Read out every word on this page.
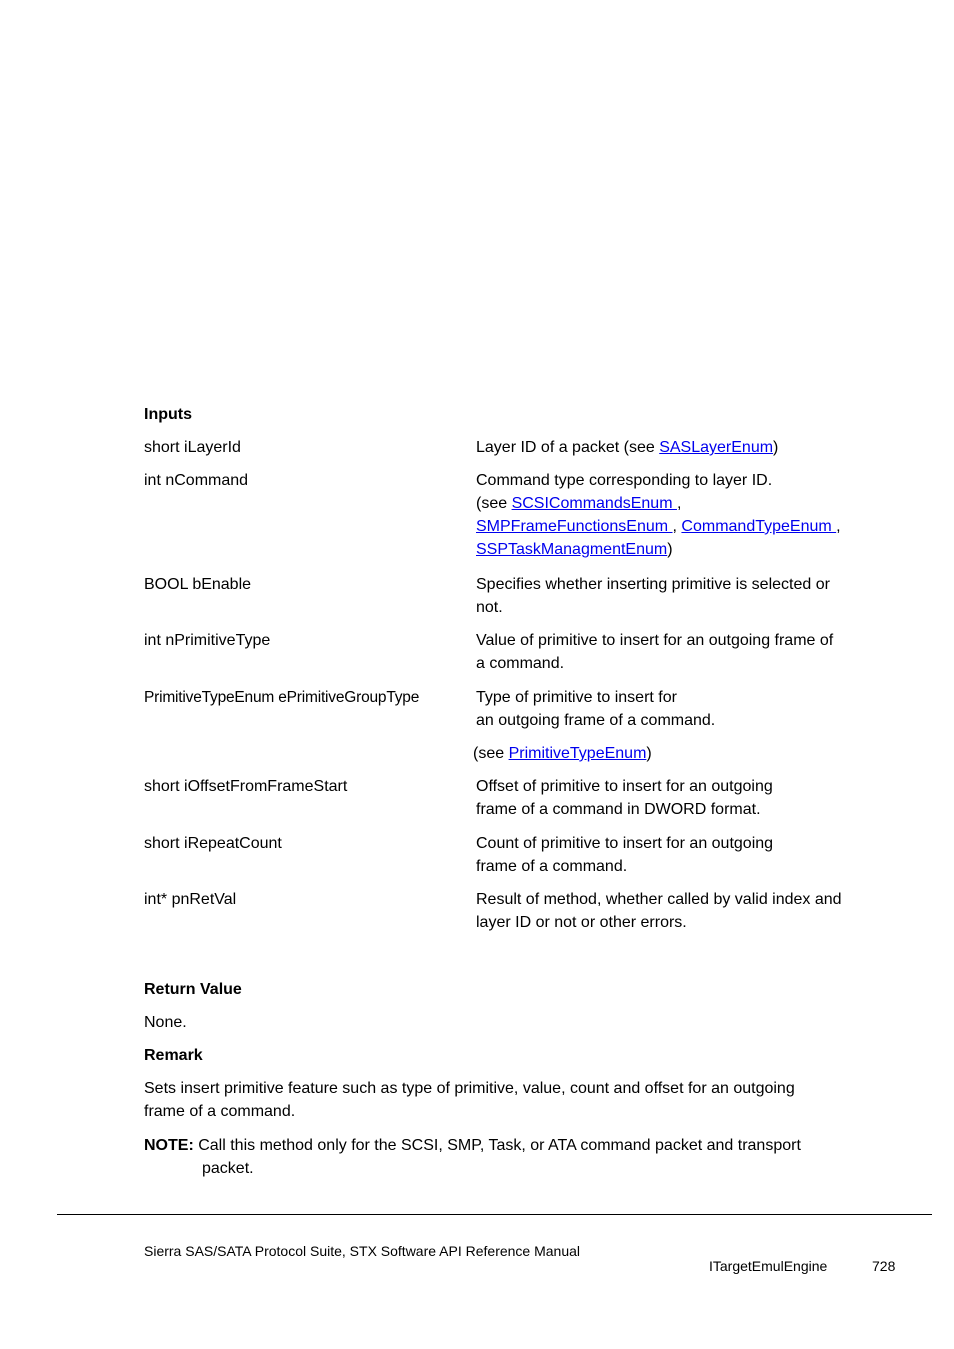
Inputs
short iLayerId	Layer ID of a packet (see SASLayerEnum)
int nCommand	Command type corresponding to layer ID.
(see SCSICommandsEnum ,
SMPFrameFunctionsEnum , CommandTypeEnum ,
SSPTaskManagmentEnum)
BOOL bEnable	Specifies whether inserting primitive is selected or
not.
int nPrimitiveType	Value of primitive to insert for an outgoing frame of
a command.
PrimitiveTypeEnum ePrimitiveGroupType	Type of primitive to insert for
an outgoing frame of a command.
(see PrimitiveTypeEnum)
short iOffsetFromFrameStart	Offset of primitive to insert for an outgoing
frame of a command in DWORD format.
short iRepeatCount	Count of primitive to insert for an outgoing
frame of a command.
int* pnRetVal	Result of method, whether called by valid index and
layer ID or not or other errors.
Return Value
None.
Remark
Sets insert primitive feature such as type of primitive, value, count and offset for an outgoing
frame of a command.
NOTE: Call this method only for the SCSI, SMP, Task, or ATA command packet and transport
packet.
Sierra SAS/SATA Protocol Suite, STX Software API Reference Manual
ITargetEmulEngine	728
